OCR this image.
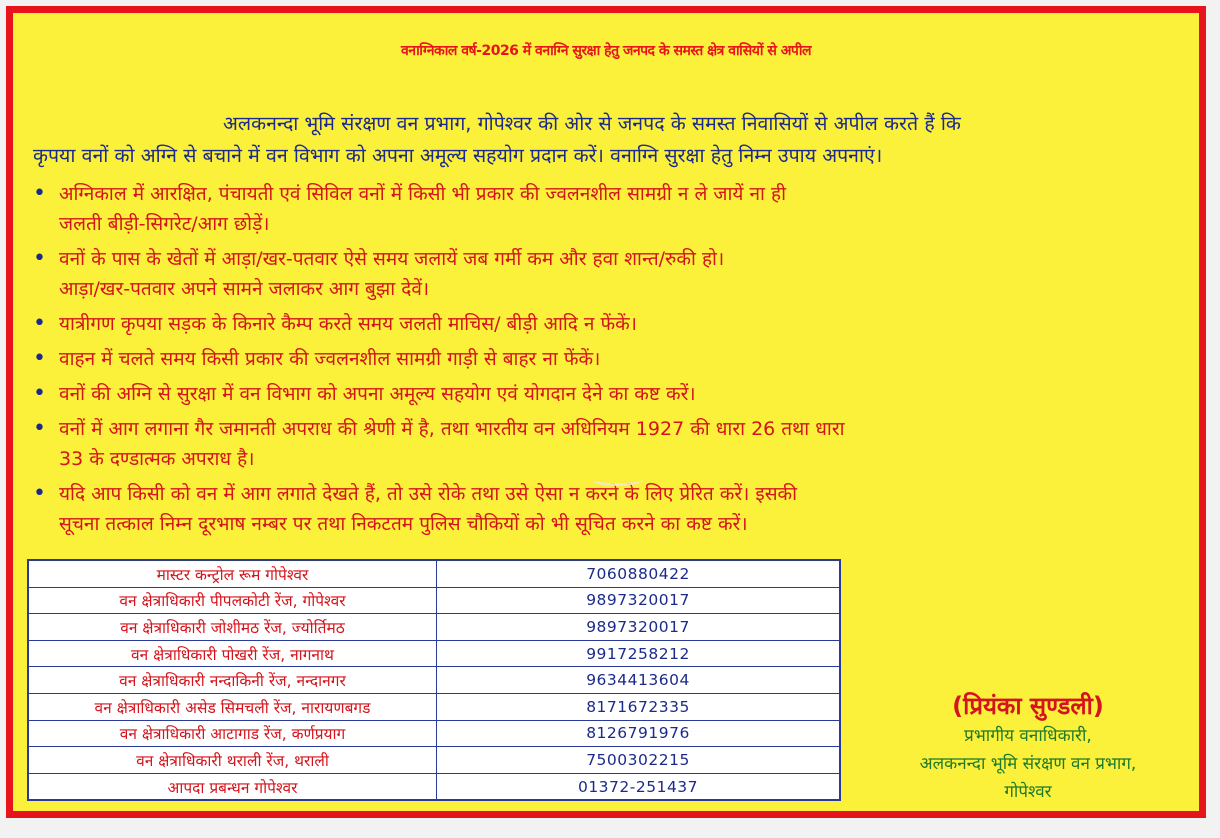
वनाग्निकाल वर्ष-2026 में वनाग्नि सुरक्षा हेतु जनपद के समस्त क्षेत्र वासियों से अपील
अलकनन्दा भूमि संरक्षण वन प्रभाग, गोपेश्वर की ओर से जनपद के समस्त निवासियों से अपील करते हैं कि
कृपया वनों को अग्नि से बचाने में वन विभाग को अपना अमूल्य सहयोग प्रदान करें। वनाग्नि सुरक्षा हेतु निम्न उपाय अपनाएं।
• अग्निकाल में आरक्षित, पंचायती एवं सिविल वनों में किसी भी प्रकार की ज्वलनशील सामग्री न ले जायें ना ही
जलती बीड़ी-सिगरेट/आग छोड़ें।
• वनों के पास के खेतों में आड़ा/खर-पतवार ऐसे समय जलायें जब गर्मी कम और हवा शान्त/रुकी हो।
आड़ा/खर-पतवार अपने सामने जलाकर आग बुझा देवें।
• यात्रीगण कृपया सड़क के किनारे कैम्प करते समय जलती माचिस/ बीड़ी आदि न फेंकें।
• वाहन में चलते समय किसी प्रकार की ज्वलनशील सामग्री गाड़ी से बाहर ना फेंकें।
• वनों की अग्नि से सुरक्षा में वन विभाग को अपना अमूल्य सहयोग एवं योगदान देने का कष्ट करें।
• वनों में आग लगाना गैर जमानती अपराध की श्रेणी में है, तथा भारतीय वन अधिनियम 1927 की धारा 26 तथा धारा
33 के दण्डात्मक अपराध है।
• यदि आप किसी को वन में आग लगाते देखते हैं, तो उसे रोके तथा उसे ऐसा न करने के लिए प्रेरित करें। इसकी
सूचना तत्काल निम्न दूरभाष नम्बर पर तथा निकटतम पुलिस चौकियों को भी सूचित करने का कष्ट करें।
मास्टर कन्ट्रोल रूम गोपेश्वर	7060880422
वन क्षेत्राधिकारी पीपलकोटी रेंज, गोपेश्वर	9897320017
वन क्षेत्राधिकारी जोशीमठ रेंज, ज्योर्तिमठ	9897320017
वन क्षेत्राधिकारी पोखरी रेंज, नागनाथ	9917258212
वन क्षेत्राधिकारी नन्दाकिनी रेंज, नन्दानगर	9634413604
वन क्षेत्राधिकारी असेड सिमचली रेंज, नारायणबगड	8171672335
वन क्षेत्राधिकारी आटागाड रेंज, कर्णप्रयाग	8126791976
वन क्षेत्राधिकारी थराली रेंज, थराली	7500302215
आपदा प्रबन्धन गोपेश्वर	01372-251437
(प्रियंका सुण्डली)
प्रभागीय वनाधिकारी,
अलकनन्दा भूमि संरक्षण वन प्रभाग,
गोपेश्वर
